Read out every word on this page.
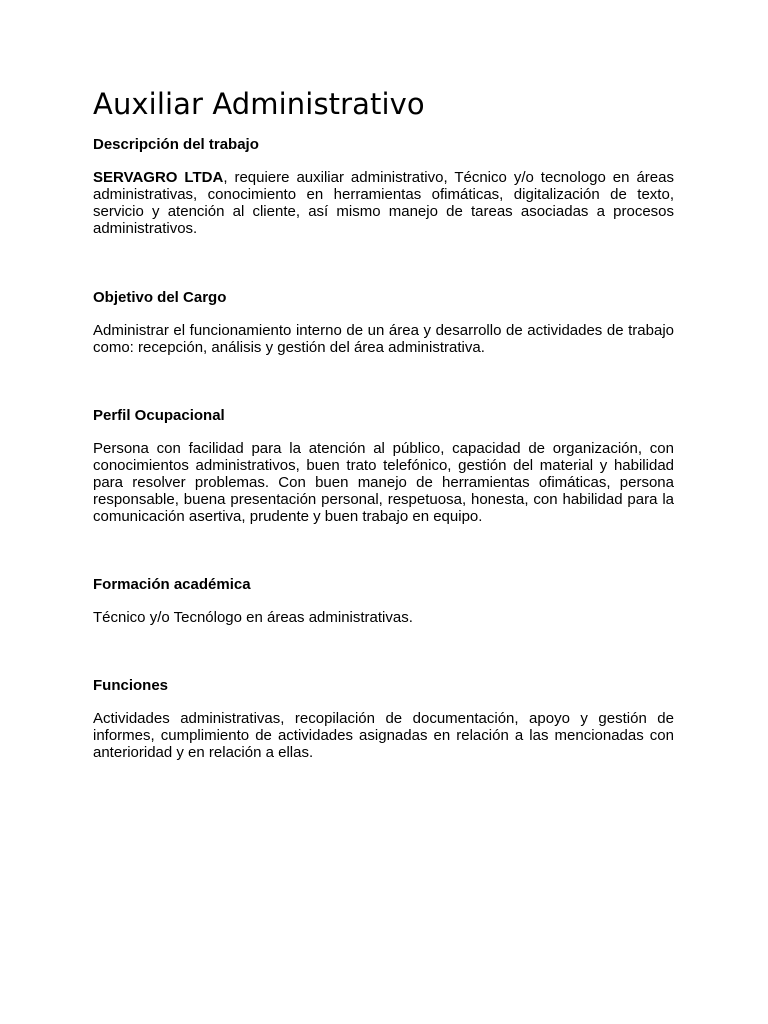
Auxiliar Administrativo
Descripción del trabajo

SERVAGRO LTDA, requiere auxiliar administrativo, Técnico y/o tecnologo en áreas administrativas, conocimiento en herramientas ofimáticas, digitalización de texto, servicio y atención al cliente, así mismo manejo de tareas asociadas a procesos administrativos.

Objetivo del Cargo

Administrar el funcionamiento interno de un área y desarrollo de actividades de trabajo como: recepción, análisis y gestión del área administrativa.

Perfil Ocupacional

Persona con facilidad para la atención al público, capacidad de organización, con conocimientos administrativos, buen trato telefónico, gestión del material y habilidad para resolver problemas. Con buen manejo de herramientas ofimáticas, persona responsable, buena presentación personal, respetuosa, honesta, con habilidad para la comunicación asertiva, prudente y buen trabajo en equipo.

Formación académica

Técnico y/o Tecnólogo en áreas administrativas.

Funciones

Actividades administrativas, recopilación de documentación, apoyo y gestión de informes, cumplimiento de actividades asignadas en relación a las mencionadas con anterioridad y en relación a ellas.
